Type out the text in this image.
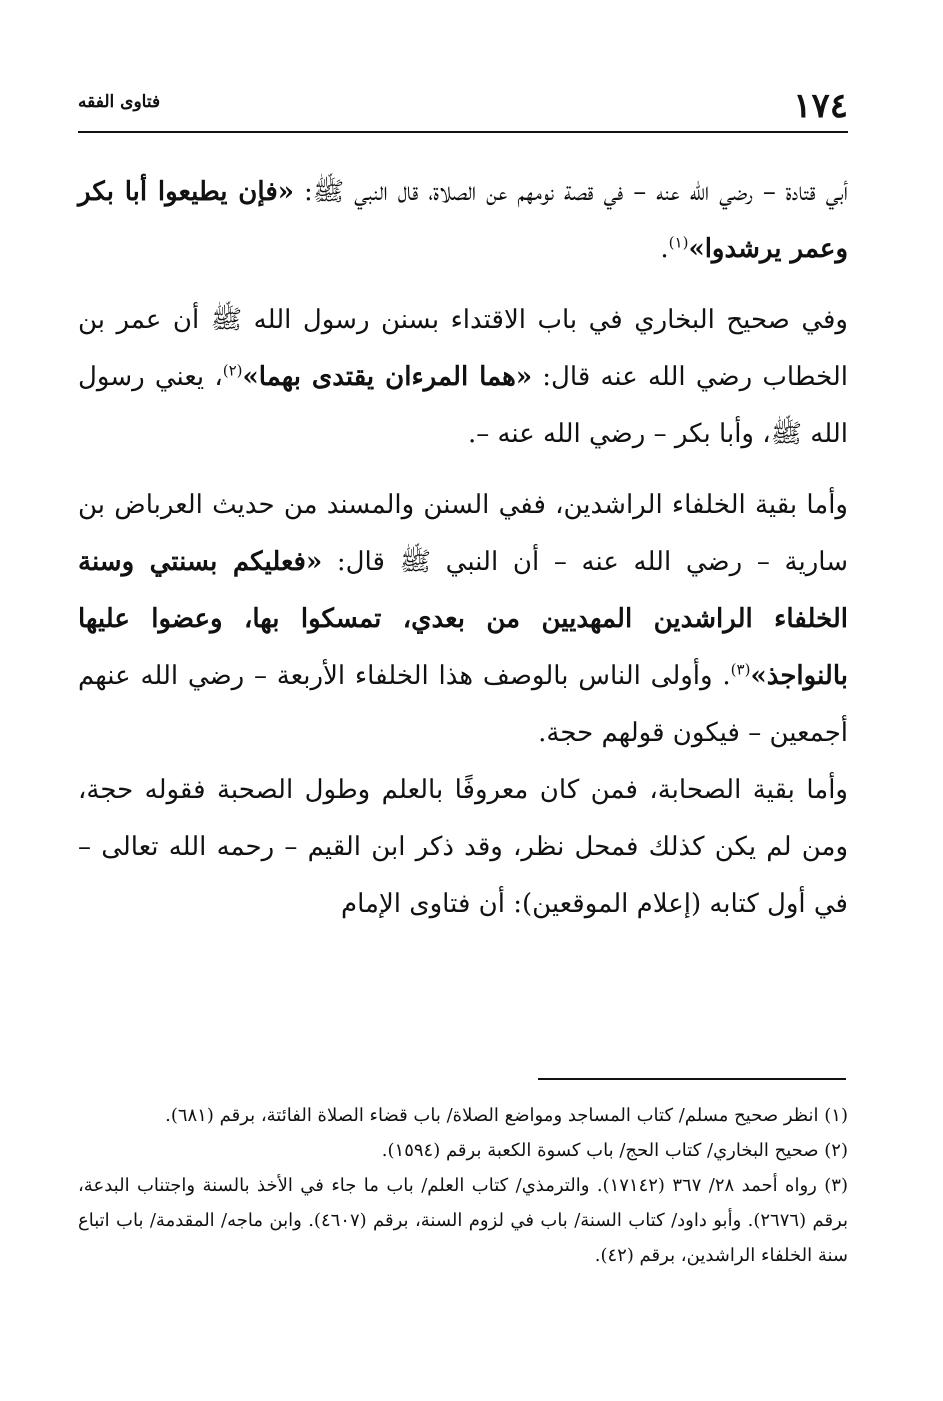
١٧٤
فتاوى الفقه

أبي قتادة – رضي الله عنه – في قصة نومهم عن الصلاة، قال النبي ﷺ: «فإن يطيعوا أبا بكر وعمر يرشدوا»$^{(١)}$.

وفي صحيح البخاري في باب الاقتداء بسنن رسول الله ﷺ أن عمر بن الخطاب رضي الله عنه قال: «هما المرءان يقتدى بهما»$^{(٢)}$، يعني رسول الله ﷺ، وأبا بكر – رضي الله عنه –.

وأما بقية الخلفاء الراشدين، ففي السنن والمسند من حديث العرباض بن سارية – رضي الله عنه – أن النبي ﷺ قال: «فعليكم بسنتي وسنة الخلفاء الراشدين المهديين من بعدي، تمسكوا بها، وعضوا عليها بالنواجذ»$^{(٣)}$. وأولى الناس بالوصف هذا الخلفاء الأربعة – رضي الله عنهم أجمعين – فيكون قولهم حجة.

وأما بقية الصحابة، فمن كان معروفًا بالعلم وطول الصحبة فقوله حجة، ومن لم يكن كذلك فمحل نظر، وقد ذكر ابن القيم – رحمه الله تعالى – في أول كتابه (إعلام الموقعين): أن فتاوى الإمام

(١) انظر صحيح مسلم/ كتاب المساجد ومواضع الصلاة/ باب قضاء الصلاة الفائتة، برقم (٦٨١).

(٢) صحيح البخاري/ كتاب الحج/ باب كسوة الكعبة برقم (١٥٩٤).

(٣) رواه أحمد ٢٨/ ٣٦٧ (١٧١٤٢). والترمذي/ كتاب العلم/ باب ما جاء في الأخذ بالسنة واجتناب البدعة، برقم (٢٦٧٦). وأبو داود/ كتاب السنة/ باب في لزوم السنة، برقم (٤٦٠٧). وابن ماجه/ المقدمة/ باب اتباع سنة الخلفاء الراشدين، برقم (٤٢).
